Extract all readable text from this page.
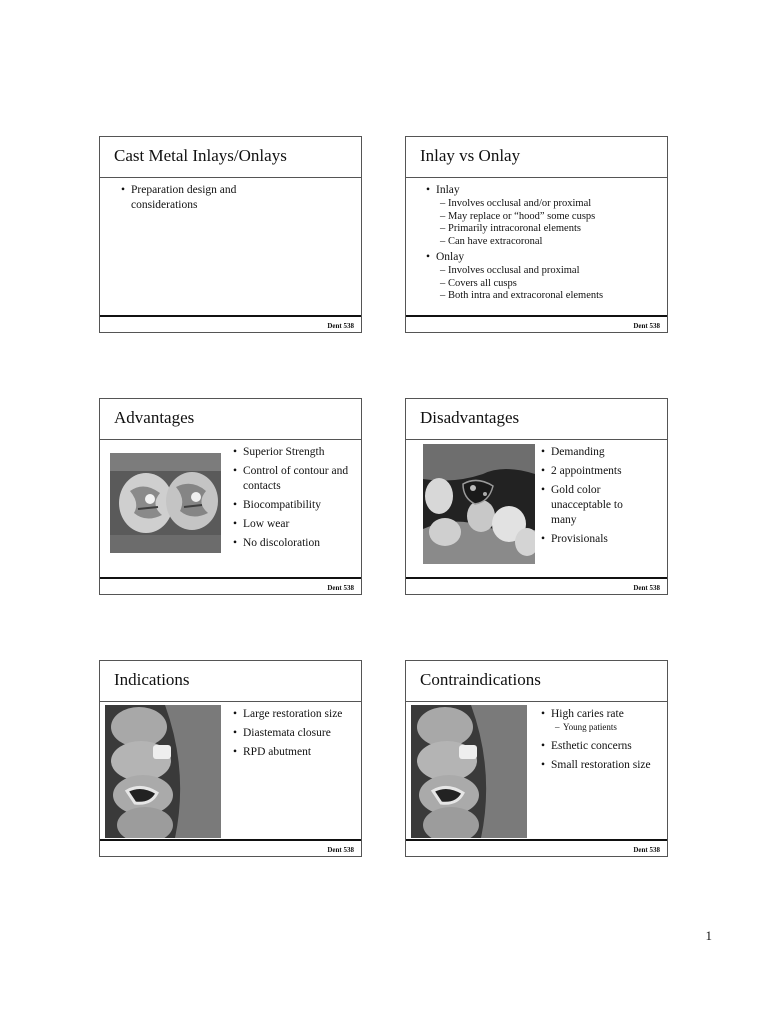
Cast Metal Inlays/Onlays
• Preparation design and considerations
Dent 538
Inlay vs Onlay
• Inlay
– Involves occlusal and/or proximal
– May replace or “hood” some cusps
– Primarily intracoronal elements
– Can have extracoronal
• Onlay
– Involves occlusal and proximal
– Covers all cusps
– Both intra and extracoronal elements
Dent 538
Advantages
• Superior Strength
• Control of contour and contacts
• Biocompatibility
• Low wear
• No discoloration
Dent 538
Disadvantages
• Demanding
• 2 appointments
• Gold color unacceptable to many
• Provisionals
Dent 538
Indications
• Large restoration size
• Diastemata closure
• RPD abutment
Dent 538
Contraindications
• High caries rate
– Young patients
• Esthetic concerns
• Small restoration size
Dent 538
1
